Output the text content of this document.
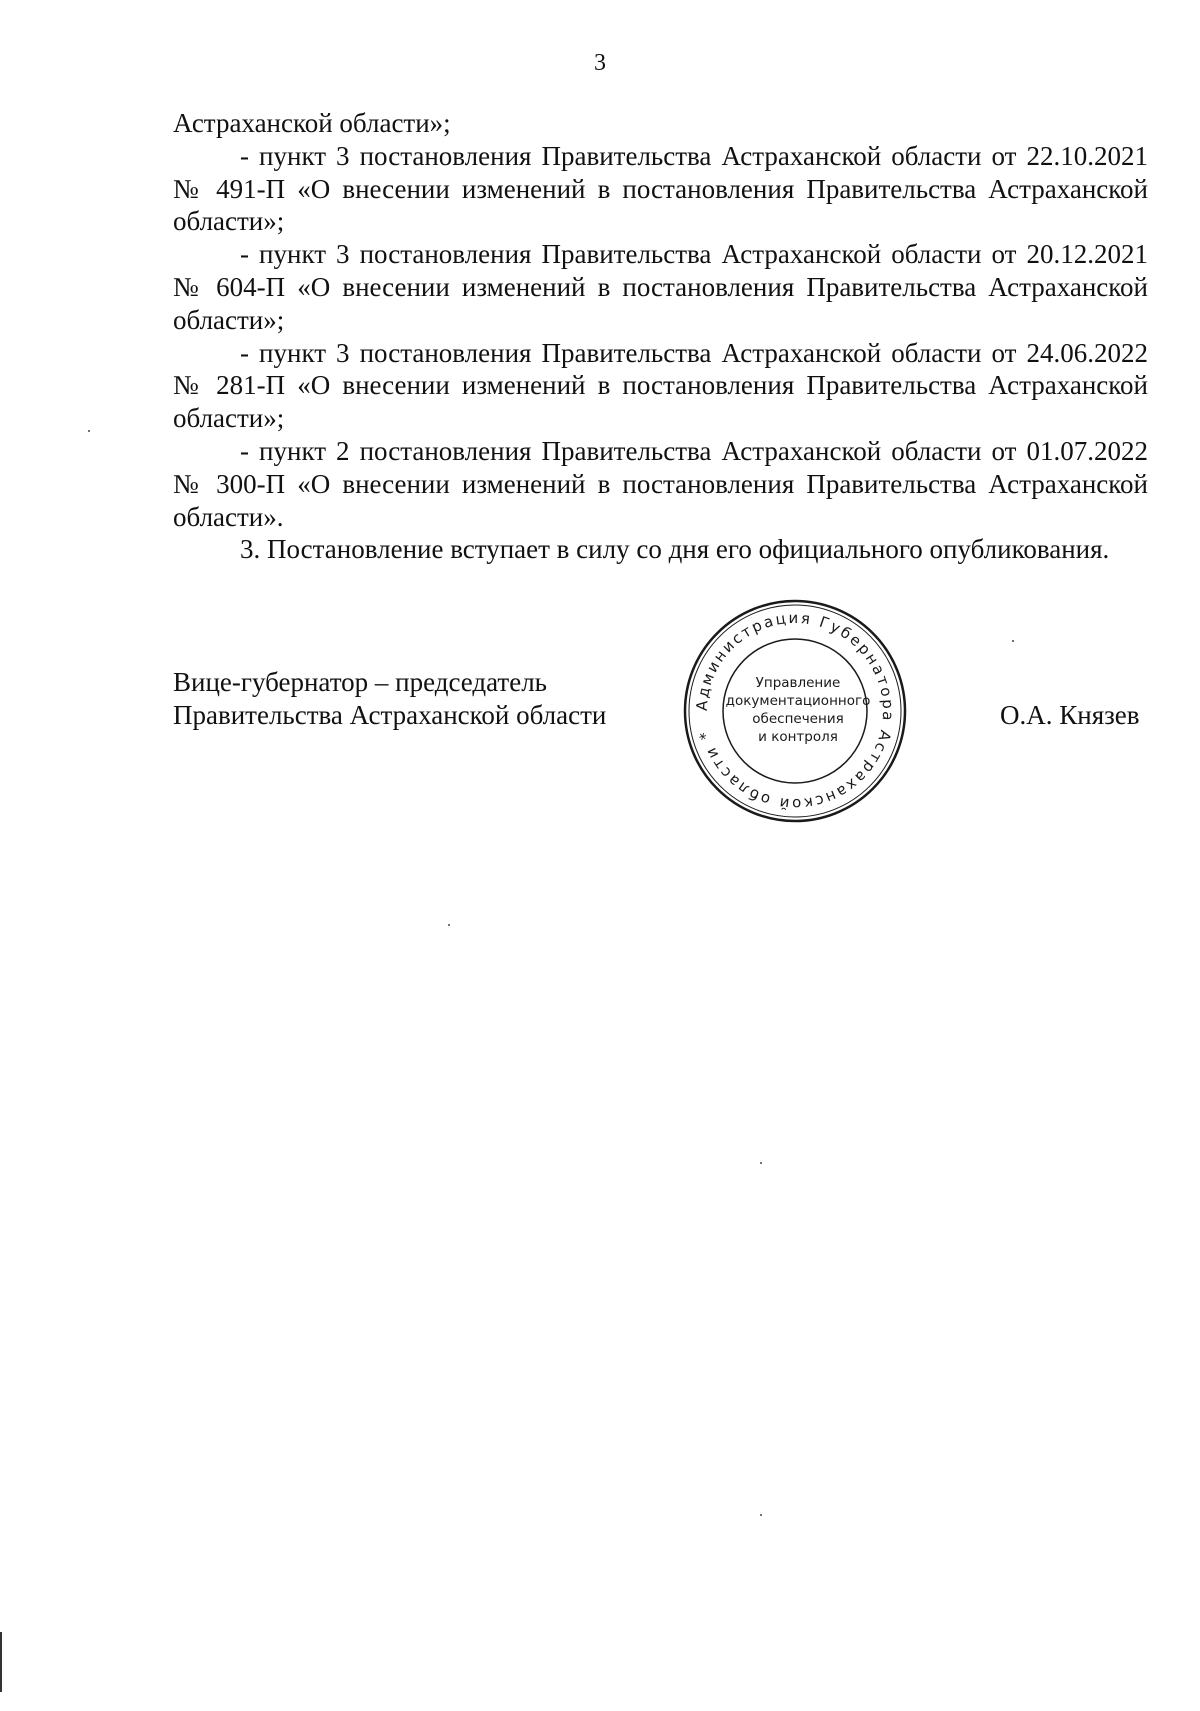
3

Астраханской области»;

- пункт 3 постановления Правительства Астраханской области от 22.10.2021 № 491-П «О внесении изменений в постановления Правительства Астраханской области»;

- пункт 3 постановления Правительства Астраханской области от 20.12.2021 № 604-П «О внесении изменений в постановления Правительства Астраханской области»;

- пункт 3 постановления Правительства Астраханской области от 24.06.2022 № 281-П «О внесении изменений в постановления Правительства Астраханской области»;

- пункт 2 постановления Правительства Астраханской области от 01.07.2022 № 300-П «О внесении изменений в постановления Правительства Астраханской области».

3. Постановление вступает в силу со дня его официального опубликования.

Вице-губернатор – председатель
Правительства Астраханской области	О.А. Князев
Администрация Губернатора Астраханской области *
Управление
документационного
обеспечения
и контроля
